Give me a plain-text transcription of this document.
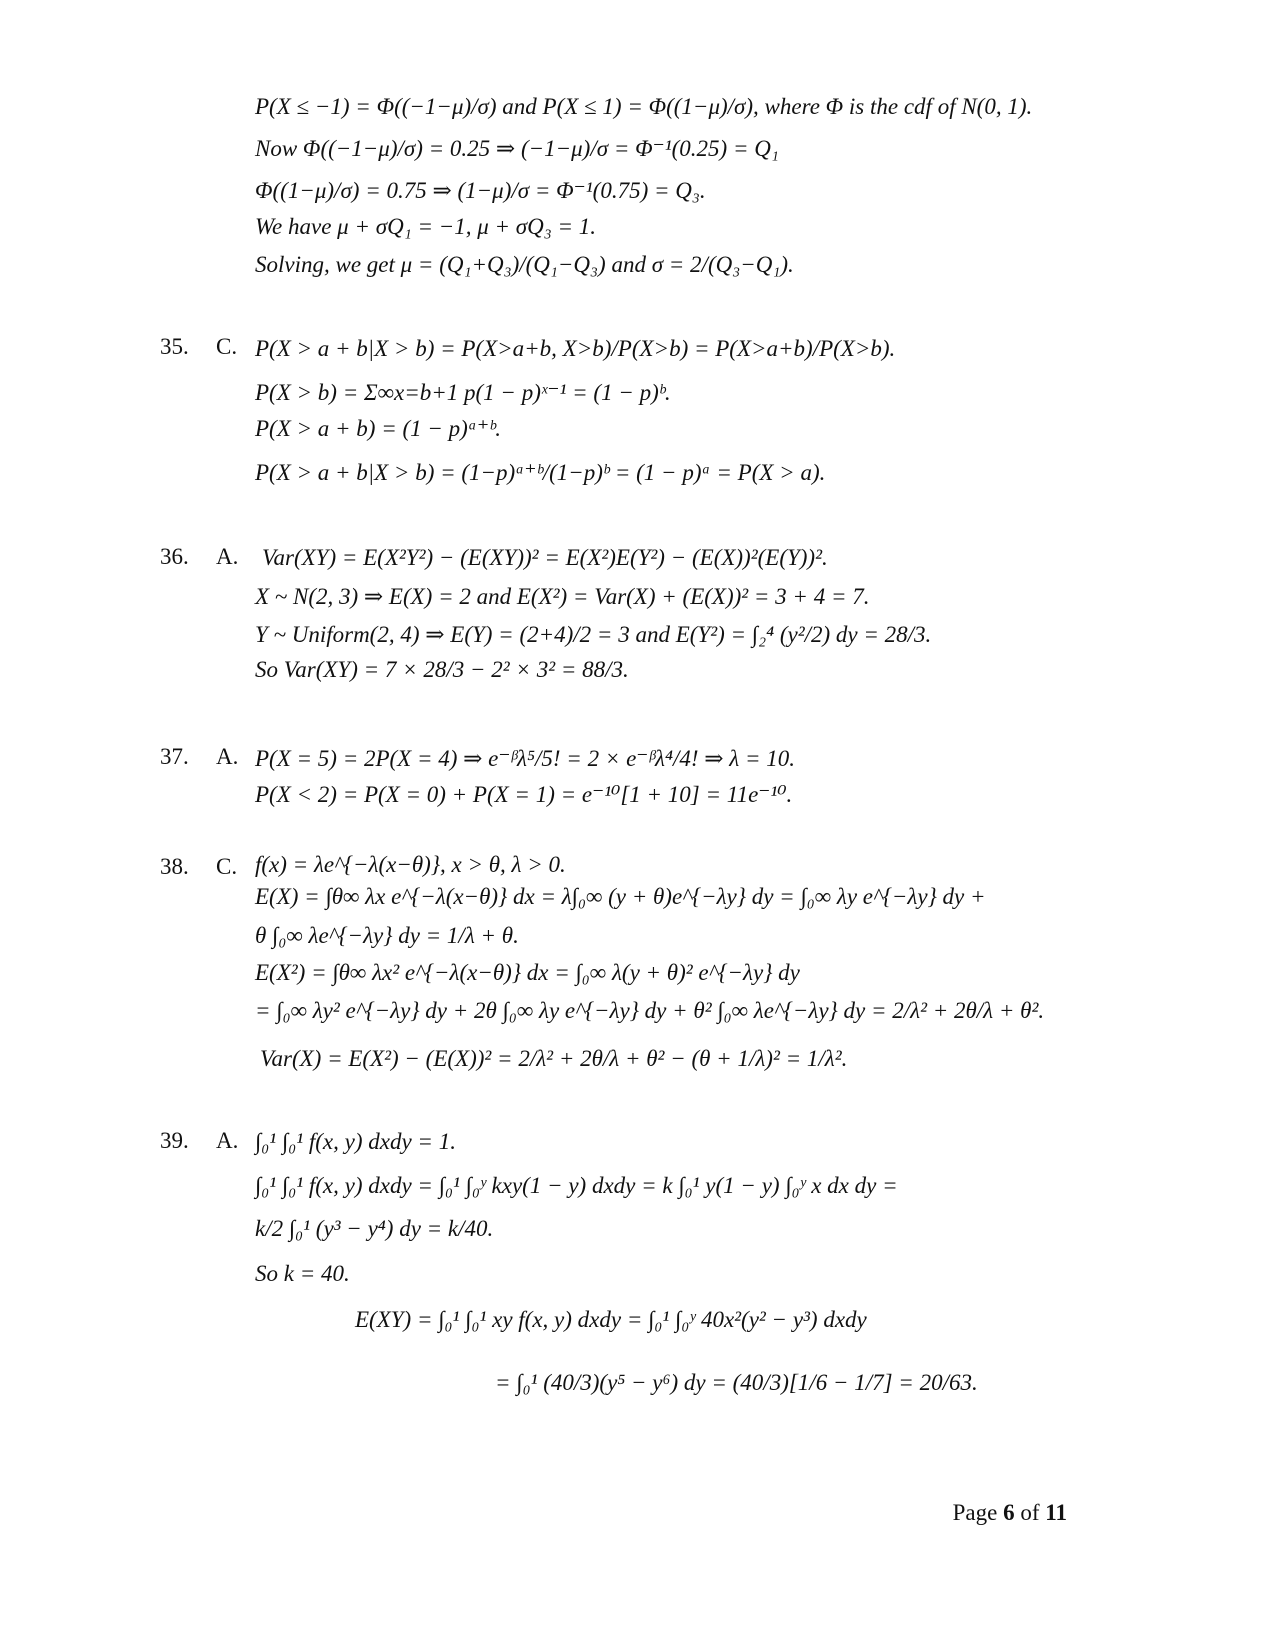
P(X ≤ −1) = Φ((−1−μ)/σ) and P(X ≤ 1) = Φ((1−μ)/σ), where Φ is the cdf of N(0, 1).
Now Φ((−1−μ)/σ) = 0.25 ⇒ (−1−μ)/σ = Φ⁻¹(0.25) = Q₁
Φ((1−μ)/σ) = 0.75 ⇒ (1−μ)/σ = Φ⁻¹(0.75) = Q₃.
We have μ + σQ₁ = −1, μ + σQ₃ = 1.
Solving, we get μ = (Q₁+Q₃)/(Q₁−Q₃) and σ = 2/(Q₃−Q₁).
35. C. P(X > a + b|X > b) = P(X>a+b, X>b)/P(X>b) = P(X>a+b)/P(X>b).
P(X > b) = Σ∞x=b+1 p(1 − p)ˣ⁻¹ = (1 − p)ᵇ.
P(X > a + b) = (1 − p)ᵃ⁺ᵇ.
P(X > a + b|X > b) = (1−p)ᵃ⁺ᵇ/(1−p)ᵇ = (1 − p)ᵃ = P(X > a).
36. A. Var(XY) = E(X²Y²) − (E(XY))² = E(X²)E(Y²) − (E(X))²(E(Y))².
X ~ N(2, 3) ⇒ E(X) = 2 and E(X²) = Var(X) + (E(X))² = 3 + 4 = 7.
Y ~ Uniform(2, 4) ⇒ E(Y) = (2+4)/2 = 3 and E(Y²) = ∫₂⁴ (y²/2) dy = 28/3.
So Var(XY) = 7 × 28/3 − 2² × 3² = 88/3.
37. A. P(X = 5) = 2P(X = 4) ⇒ e⁻ᵝλ⁵/5! = 2 × e⁻ᵝλ⁴/4! ⇒ λ = 10.
P(X < 2) = P(X = 0) + P(X = 1) = e⁻¹⁰[1 + 10] = 11e⁻¹⁰.
38. C. f(x) = λe^{−λ(x−θ)}, x > θ, λ > 0.
E(X) = ∫θ∞ λx e^{−λ(x−θ)} dx = λ∫₀∞ (y + θ)e^{−λy} dy = ∫₀∞ λy e^{−λy} dy +
θ ∫₀∞ λe^{−λy} dy = 1/λ + θ.
E(X²) = ∫θ∞ λx² e^{−λ(x−θ)} dx = ∫₀∞ λ(y + θ)² e^{−λy} dy
= ∫₀∞ λy² e^{−λy} dy + 2θ ∫₀∞ λy e^{−λy} dy + θ² ∫₀∞ λe^{−λy} dy = 2/λ² + 2θ/λ + θ².
Var(X) = E(X²) − (E(X))² = 2/λ² + 2θ/λ + θ² − (θ + 1/λ)² = 1/λ².
39. A. ∫₀¹ ∫₀¹ f(x, y) dxdy = 1.
∫₀¹ ∫₀¹ f(x, y) dxdy = ∫₀¹ ∫₀ʸ kxy(1 − y) dxdy = k ∫₀¹ y(1 − y) ∫₀ʸ x dx dy =
k/2 ∫₀¹ (y³ − y⁴) dy = k/40.
So k = 40.
E(XY) = ∫₀¹ ∫₀¹ xy f(x, y) dxdy = ∫₀¹ ∫₀ʸ 40x²(y² − y³) dxdy
= ∫₀¹ (40/3)(y⁵ − y⁶) dy = (40/3)[1/6 − 1/7] = 20/63.
Page 6 of 11
